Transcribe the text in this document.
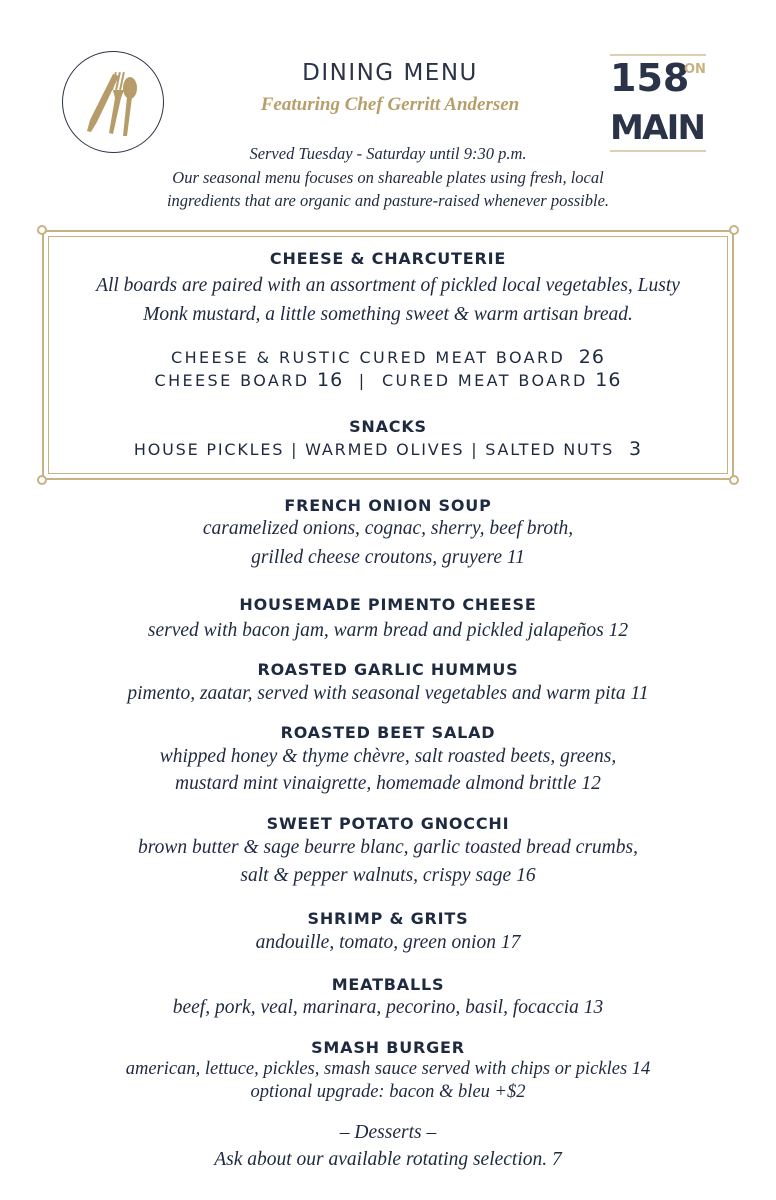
DINING MENU
Featuring Chef Gerritt Andersen
158
ON
MAIN
Served Tuesday - Saturday until 9:30 p.m.
Our seasonal menu focuses on shareable plates using fresh, local
ingredients that are organic and pasture-raised whenever possible.
CHEESE & CHARCUTERIE
All boards are paired with an assortment of pickled local vegetables, Lusty
Monk mustard, a little something sweet & warm artisan bread.
CHEESE & RUSTIC CURED MEAT BOARD 26
CHEESE BOARD 16 | CURED MEAT BOARD 16
SNACKS
HOUSE PICKLES | WARMED OLIVES | SALTED NUTS 3
FRENCH ONION SOUP
caramelized onions, cognac, sherry, beef broth,
grilled cheese croutons, gruyere 11
HOUSEMADE PIMENTO CHEESE
served with bacon jam, warm bread and pickled jalapeños 12
ROASTED GARLIC HUMMUS
pimento, zaatar, served with seasonal vegetables and warm pita 11
ROASTED BEET SALAD
whipped honey & thyme chèvre, salt roasted beets, greens,
mustard mint vinaigrette, homemade almond brittle 12
SWEET POTATO GNOCCHI
brown butter & sage beurre blanc, garlic toasted bread crumbs,
salt & pepper walnuts, crispy sage 16
SHRIMP & GRITS
andouille, tomato, green onion 17
MEATBALLS
beef, pork, veal, marinara, pecorino, basil, focaccia 13
SMASH BURGER
american, lettuce, pickles, smash sauce served with chips or pickles 14
optional upgrade: bacon & bleu +$2
– Desserts –
Ask about our available rotating selection. 7
